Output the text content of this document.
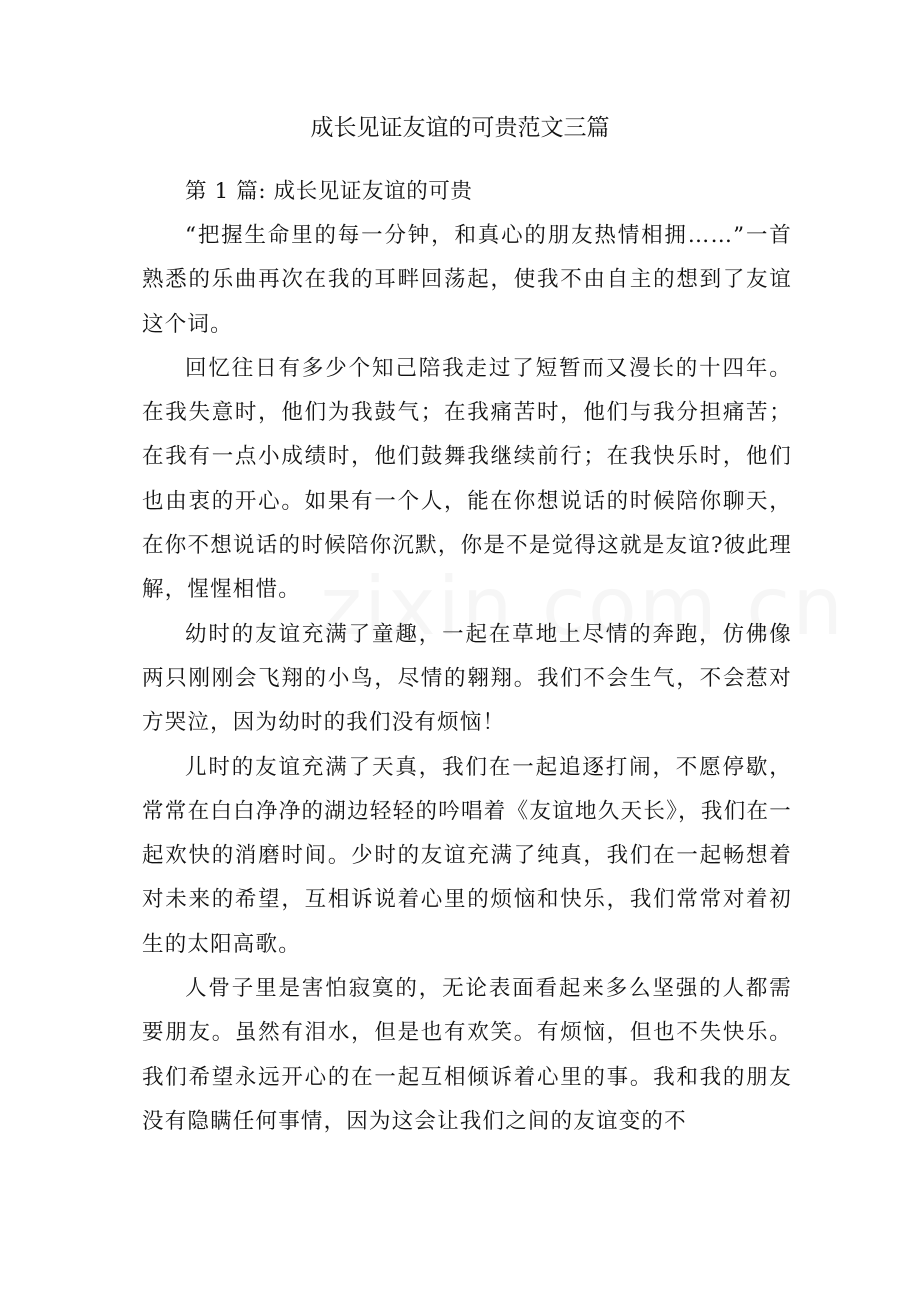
成长见证友谊的可贵范文三篇

第 1 篇: 成长见证友谊的可贵

“把握生命里的每一分钟，和真心的朋友热情相拥……”一首熟悉的乐曲再次在我的耳畔回荡起，使我不由自主的想到了友谊这个词。

回忆往日有多少个知己陪我走过了短暂而又漫长的十四年。在我失意时，他们为我鼓气；在我痛苦时，他们与我分担痛苦；在我有一点小成绩时，他们鼓舞我继续前行；在我快乐时，他们也由衷的开心。如果有一个人，能在你想说话的时候陪你聊天，在你不想说话的时候陪你沉默，你是不是觉得这就是友谊?彼此理解，惺惺相惜。

幼时的友谊充满了童趣，一起在草地上尽情的奔跑，仿佛像两只刚刚会飞翔的小鸟，尽情的翱翔。我们不会生气，不会惹对方哭泣，因为幼时的我们没有烦恼！

儿时的友谊充满了天真，我们在一起追逐打闹，不愿停歇，常常在白白净净的湖边轻轻的吟唱着《友谊地久天长》，我们在一起欢快的消磨时间。少时的友谊充满了纯真，我们在一起畅想着对未来的希望，互相诉说着心里的烦恼和快乐，我们常常对着初生的太阳高歌。

人骨子里是害怕寂寞的，无论表面看起来多么坚强的人都需要朋友。虽然有泪水，但是也有欢笑。有烦恼，但也不失快乐。我们希望永远开心的在一起互相倾诉着心里的事。我和我的朋友没有隐瞒任何事情，因为这会让我们之间的友谊变的不
